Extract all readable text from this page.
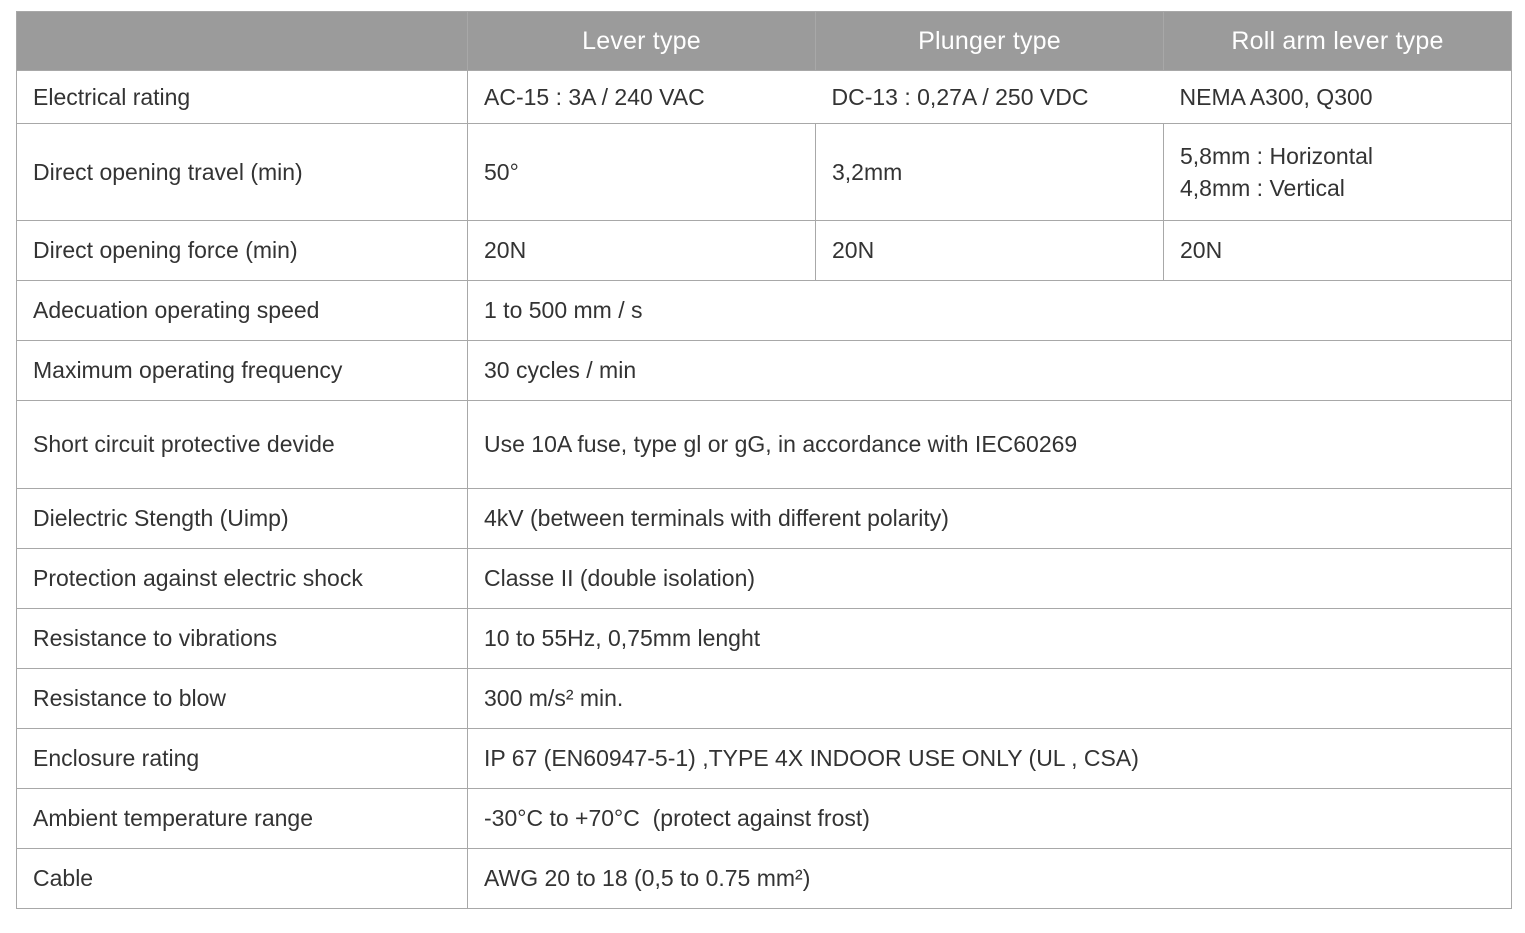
	Lever type	Plunger type	Roll arm lever type
Electrical rating	AC-15 : 3A / 240 VAC	DC-13 : 0,27A / 250 VDC	NEMA A300, Q300
Direct opening travel (min)	50°	3,2mm	5,8mm : Horizontal
4,8mm : Vertical

Direct opening force (min)	20N	20N	20N
Adecuation operating speed	1 to 500 mm / s		
Maximum operating frequency	30 cycles / min		
Short circuit protective devide	Use 10A fuse, type gl or gG, in accordance with IEC60269		
Dielectric Stength (Uimp)	4kV (between terminals with different polarity)		
Protection against electric shock	Classe II (double isolation)		
Resistance to vibrations	10 to 55Hz, 0,75mm lenght		
Resistance to blow	300 m/s² min.		
Enclosure rating	IP 67 (EN60947-5-1) ,TYPE 4X INDOOR USE ONLY (UL , CSA)		
Ambient temperature range	-30°C to +70°C  (protect against frost)		
Cable	AWG 20 to 18 (0,5 to 0.75 mm²)		
